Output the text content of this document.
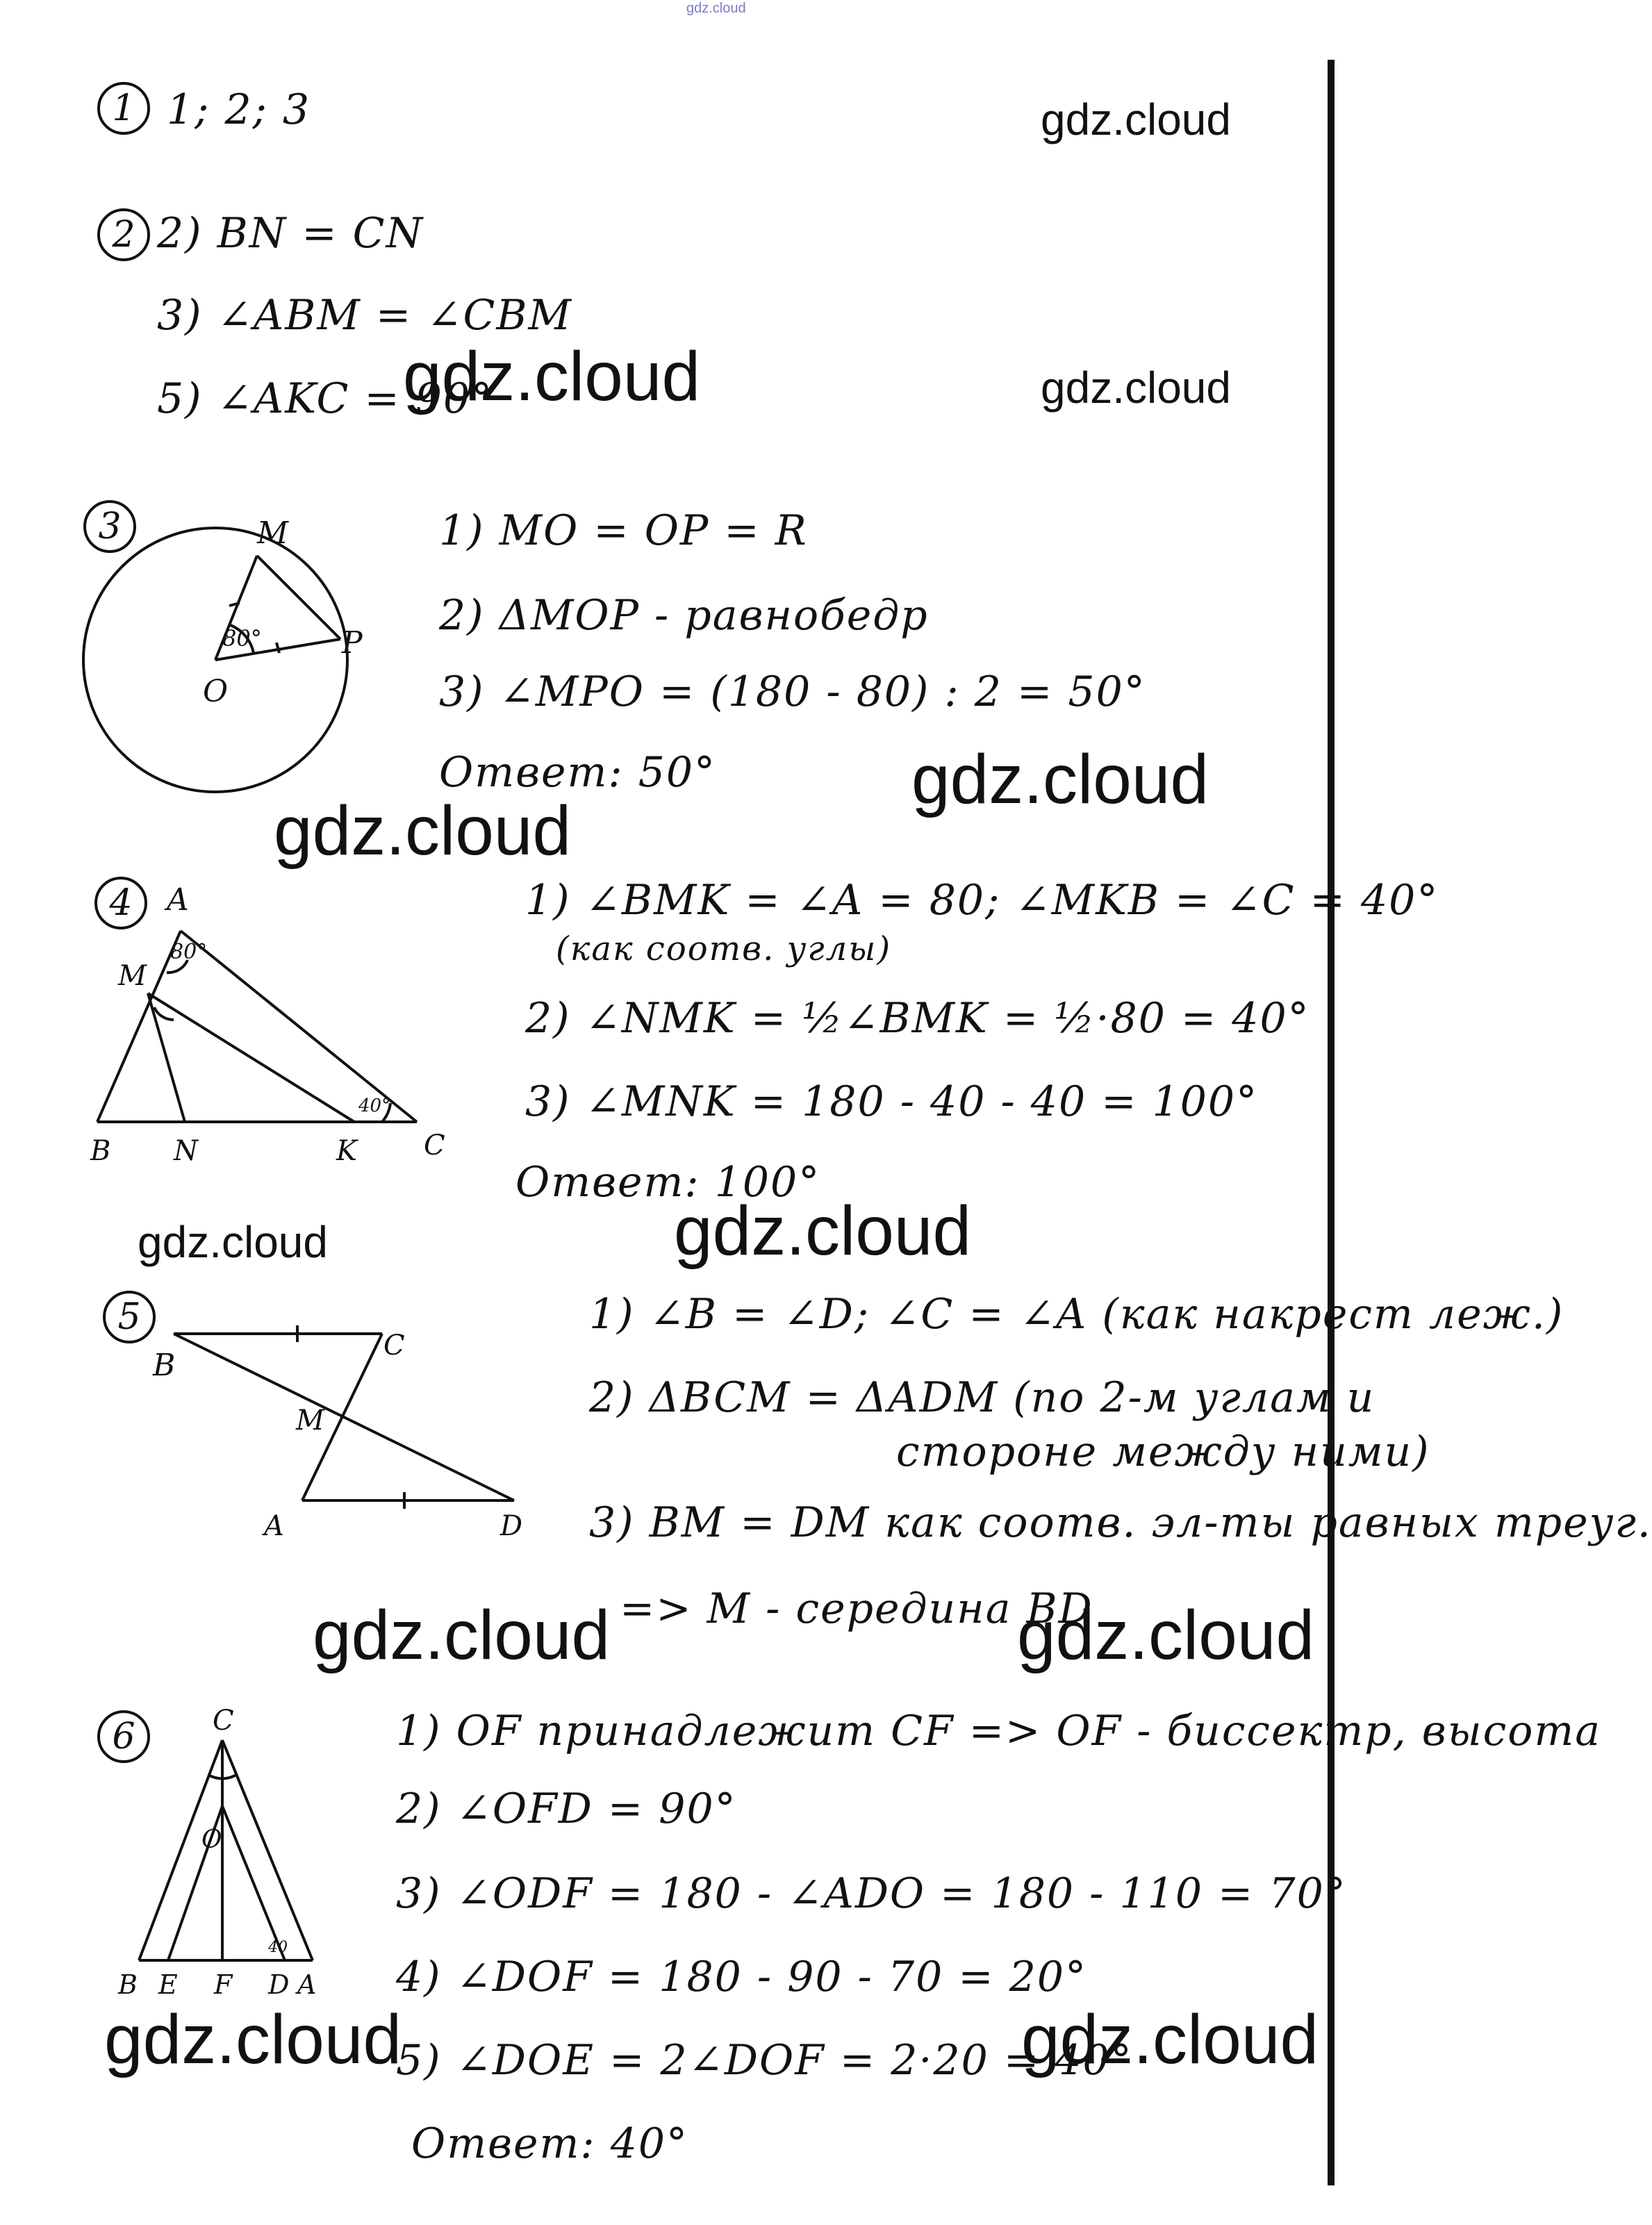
gdz.cloud
gdz.cloud
gdz.cloud	gdz.cloud
gdz.cloud
gdz.cloud
gdz.cloud	gdz.cloud
gdz.cloud	gdz.cloud
gdz.cloud	gdz.cloud
1 1; 2; 3
2 2) BN = CN
3) ∠ABM = ∠CBM
5) ∠AKC = 90°
3	M
P
O
80°
1) MO = OP = R
2) ΔMOP - равнобедр
3) ∠MPO = (180 - 80) : 2 = 50°
Ответ: 50°
4	A
M
80°
B N	K C
40°
1) ∠BMK = ∠A = 80; ∠MKB = ∠C = 40°
(как соотв. углы)
2) ∠NMK = ½∠BMK = ½·80 = 40°
3) ∠MNK = 180 - 40 - 40 = 100°
Ответ: 100°
5
B
C
M
A	D
1) ∠B = ∠D; ∠C = ∠A (как накрест леж.)
2) ΔBCM = ΔADM (по 2-м углам и
стороне между ними)
3) BM = DM как соотв. эл-ты равных треуг.
=> M - середина BD
6	C
O
B E F D A
40
1) OF принадлежит CF => OF - биссектр, высота
2) ∠OFD = 90°
3) ∠ODF = 180 - ∠ADO = 180 - 110 = 70°
4) ∠DOF = 180 - 90 - 70 = 20°
5) ∠DOE = 2∠DOF = 2·20 = 40°
Ответ: 40°
